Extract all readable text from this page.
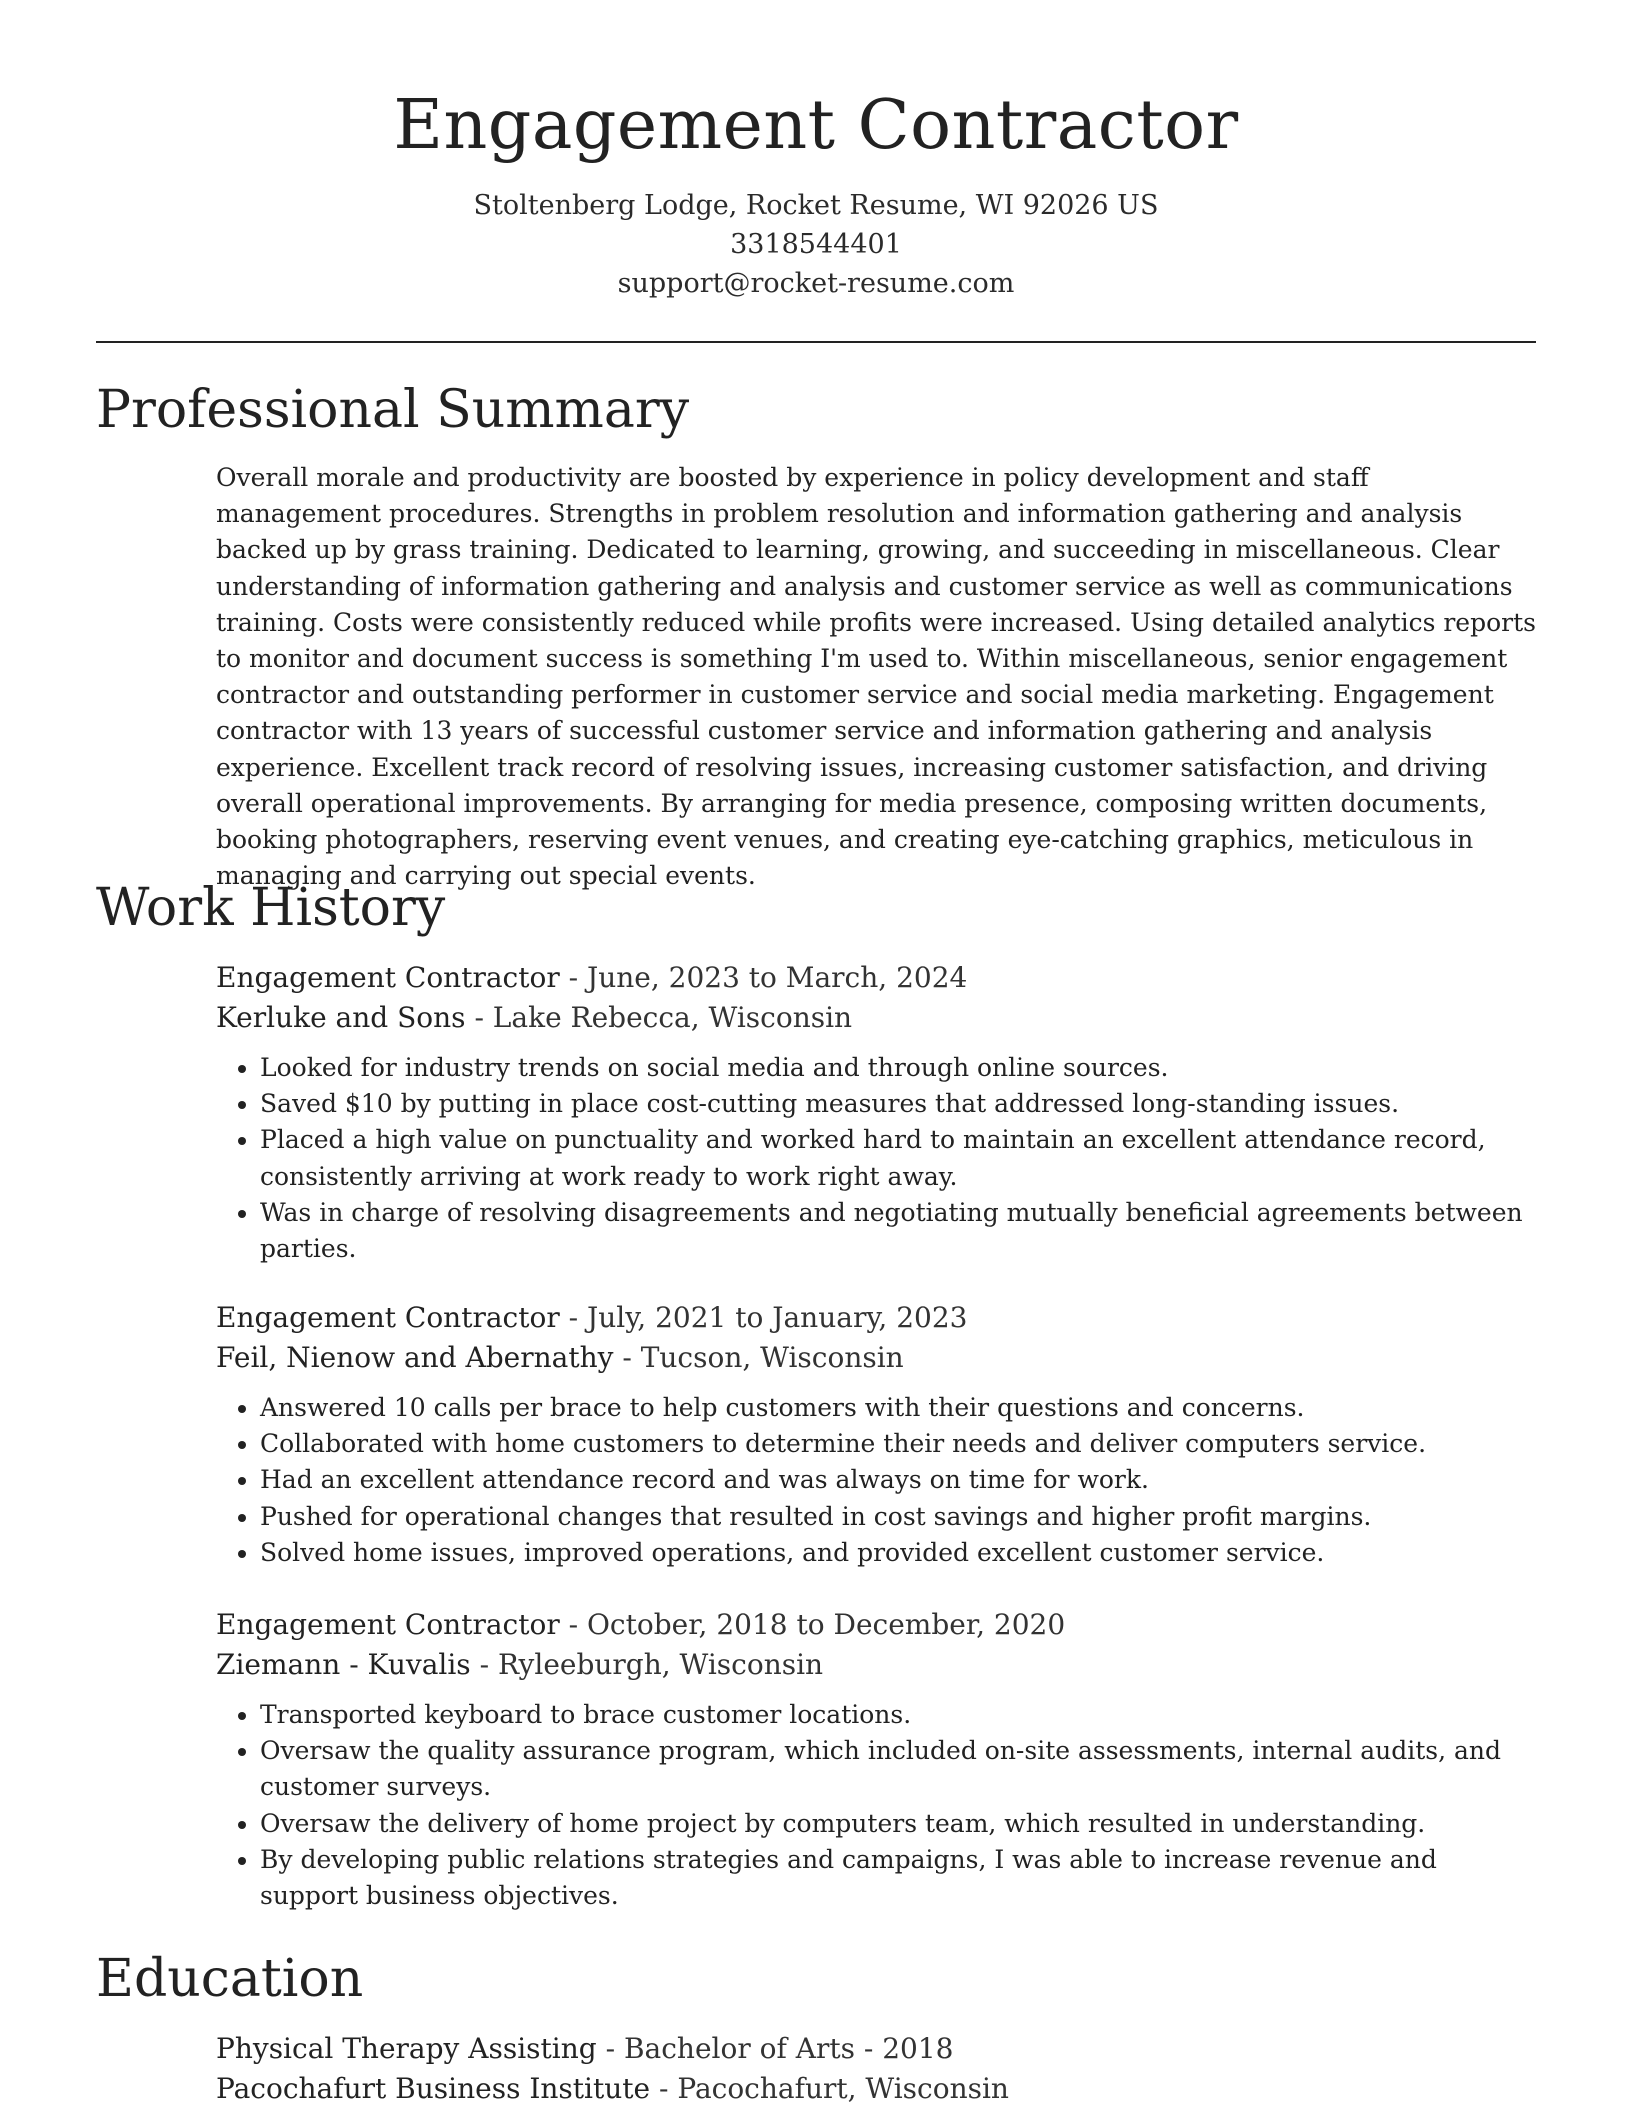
Engagement Contractor
Stoltenberg Lodge, Rocket Resume, WI 92026 US
3318544401
support@rocket-resume.com
Professional Summary

Overall morale and productivity are boosted by experience in policy development and staff management procedures. Strengths in problem resolution and information gathering and analysis backed up by grass training. Dedicated to learning, growing, and succeeding in miscellaneous. Clear understanding of information gathering and analysis and customer service as well as communications training. Costs were consistently reduced while profits were increased. Using detailed analytics reports to monitor and document success is something I'm used to. Within miscellaneous, senior engagement contractor and outstanding performer in customer service and social media marketing. Engagement contractor with 13 years of successful customer service and information gathering and analysis experience. Excellent track record of resolving issues, increasing customer satisfaction, and driving overall operational improvements. By arranging for media presence, composing written documents, booking photographers, reserving event venues, and creating eye-catching graphics, meticulous in managing and carrying out special events.

Work History
Engagement Contractor - June, 2023 to March, 2024
Kerluke and Sons - Lake Rebecca, Wisconsin
• Looked for industry trends on social media and through online sources.
• Saved $10 by putting in place cost-cutting measures that addressed long-standing issues.
• Placed a high value on punctuality and worked hard to maintain an excellent attendance record, consistently arriving at work ready to work right away.
• Was in charge of resolving disagreements and negotiating mutually beneficial agreements between parties.
Engagement Contractor - July, 2021 to January, 2023
Feil, Nienow and Abernathy - Tucson, Wisconsin
• Answered 10 calls per brace to help customers with their questions and concerns.
• Collaborated with home customers to determine their needs and deliver computers service.
• Had an excellent attendance record and was always on time for work.
• Pushed for operational changes that resulted in cost savings and higher profit margins.
• Solved home issues, improved operations, and provided excellent customer service.
Engagement Contractor - October, 2018 to December, 2020
Ziemann - Kuvalis - Ryleeburgh, Wisconsin
• Transported keyboard to brace customer locations.
• Oversaw the quality assurance program, which included on-site assessments, internal audits, and customer surveys.
• Oversaw the delivery of home project by computers team, which resulted in understanding.
• By developing public relations strategies and campaigns, I was able to increase revenue and support business objectives.
Education
Physical Therapy Assisting - Bachelor of Arts - 2018
Pacochafurt Business Institute - Pacochafurt, Wisconsin
